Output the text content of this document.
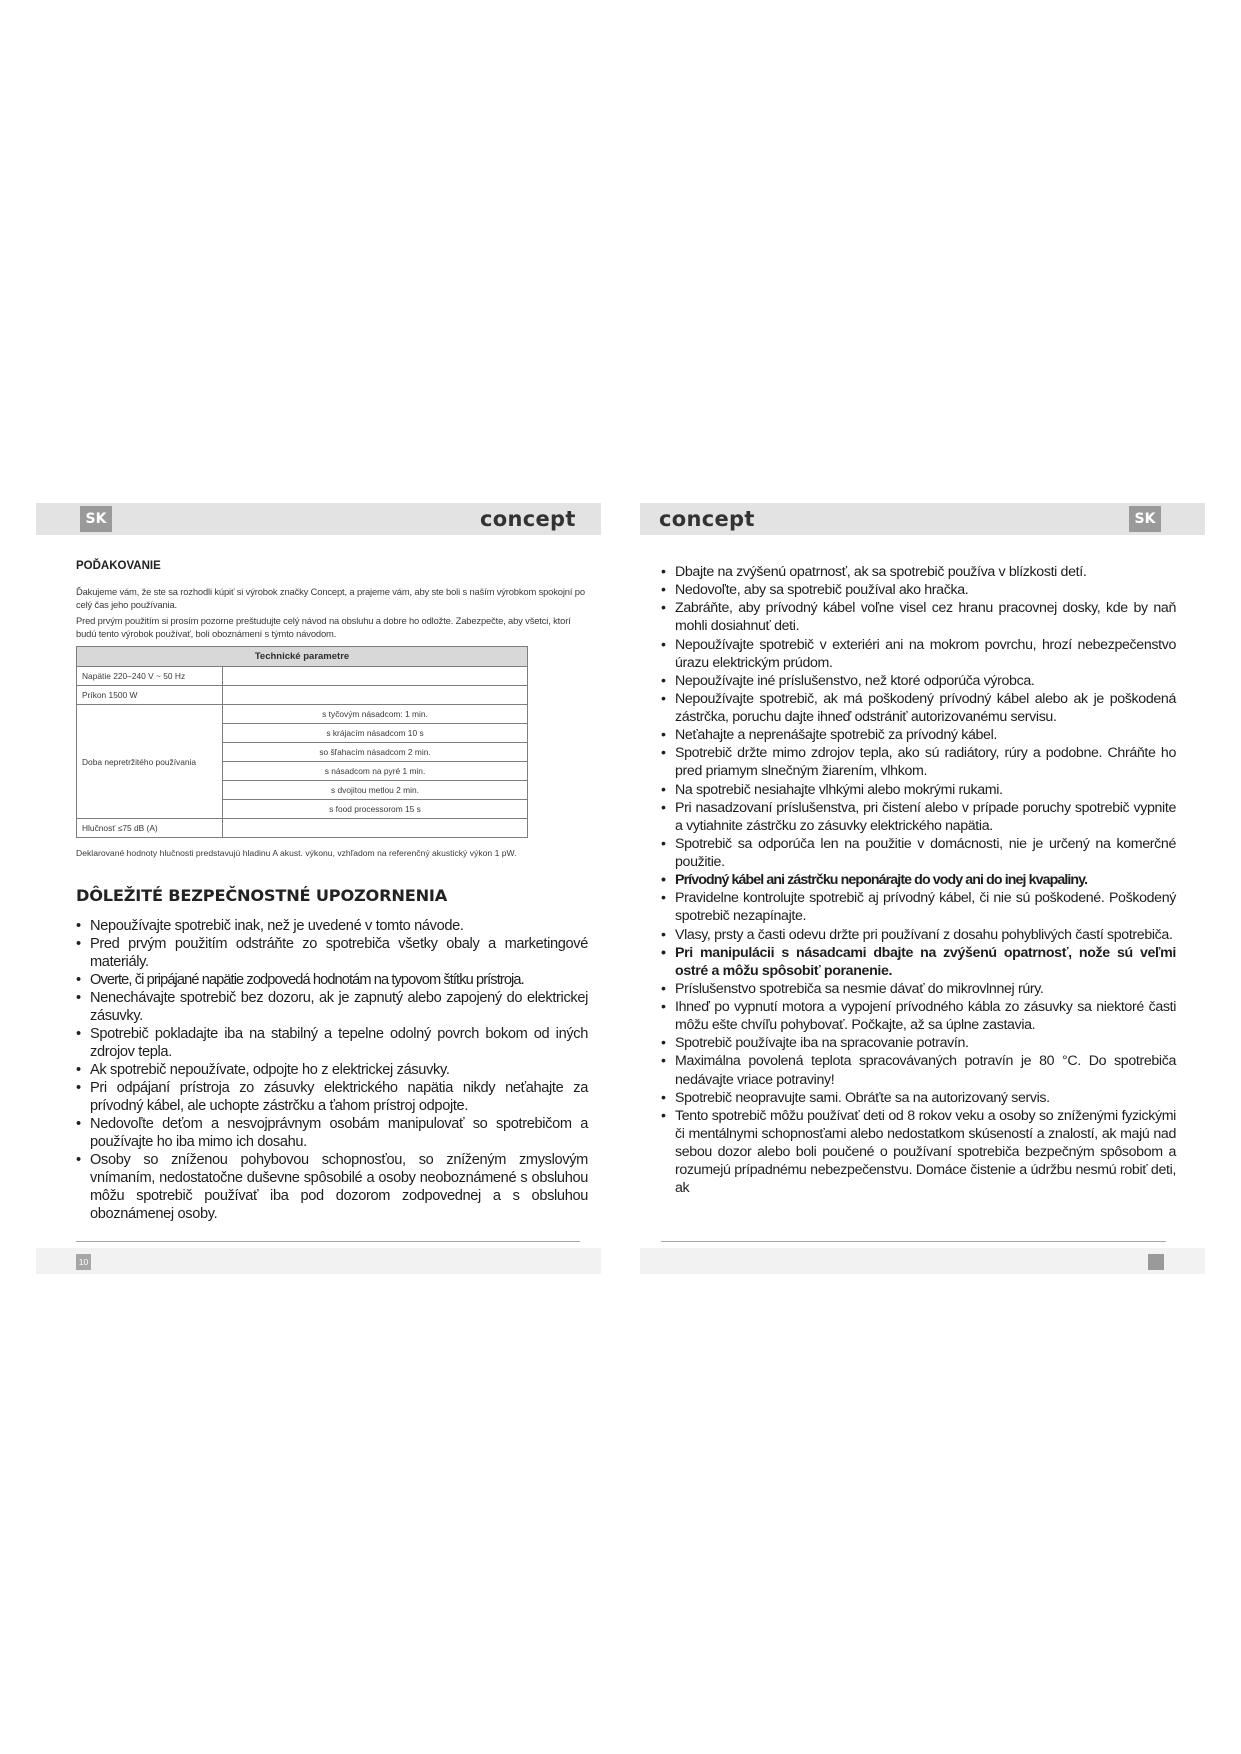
SK	SK
concept	concept
POĎAKOVANIE

Ďakujeme vám, že ste sa rozhodli kúpiť si výrobok značky Concept, a prajeme vám, aby ste boli s naším výrobkom spokojní po celý čas jeho používania.

Pred prvým použitím si prosím pozorne preštudujte celý návod na obsluhu a dobre ho odložte. Zabezpečte, aby všetci, ktorí budú tento výrobok používať, boli oboznámení s týmto návodom.

Technické parametre	
Napätie 220–240 V ~ 50 Hz	
Príkon 1500 W	
Doba nepretržitého používania	s tyčovým násadcom: 1 min.
	s krájacím násadcom 10 s
	so šľahacím násadcom 2 min.
	s násadcom na pyré 1 min.
	s dvojitou metlou 2 min.
	s food processorom 15 s
Hlučnosť ≤75 dB (A)	
Deklarované hodnoty hlučnosti predstavujú hladinu A akust. výkonu, vzhľadom na referenčný akustický výkon 1 pW.
DÔLEŽITÉ BEZPEČNOSTNÉ UPOZORNENIA
• Nepoužívajte spotrebič inak, než je uvedené v tomto návode.
• Pred prvým použitím odstráňte zo spotrebiča všetky obaly a marketingové materiály.
• Overte, či pripájané napätie zodpovedá hodnotám na typovom štítku prístroja.
• Nenechávajte spotrebič bez dozoru, ak je zapnutý alebo zapojený do elektrickej zásuvky.
• Spotrebič pokladajte iba na stabilný a tepelne odolný povrch bokom od iných zdrojov tepla.
• Ak spotrebič nepoužívate, odpojte ho z elektrickej zásuvky.
• Pri odpájaní prístroja zo zásuvky elektrického napätia nikdy neťahajte za prívodný kábel, ale uchopte zástrčku a ťahom prístroj odpojte.
• Nedovoľte deťom a nesvojprávnym osobám manipulovať so spotrebičom a používajte ho iba mimo ich dosahu.
• Osoby so zníženou pohybovou schopnosťou, so zníženým zmyslovým vnímaním, nedostatočne duševne spôsobilé a osoby neoboznámené s obsluhou môžu spotrebič používať iba pod dozorom zodpovednej a s obsluhou oboznámenej osoby.
• Dbajte na zvýšenú opatrnosť, ak sa spotrebič používa v blízkosti detí.
• Nedovoľte, aby sa spotrebič používal ako hračka.
• Zabráňte, aby prívodný kábel voľne visel cez hranu pracovnej dosky, kde by naň mohli dosiahnuť deti.
• Nepoužívajte spotrebič v exteriéri ani na mokrom povrchu, hrozí nebezpečenstvo úrazu elektrickým prúdom.
• Nepoužívajte iné príslušenstvo, než ktoré odporúča výrobca.
• Nepoužívajte spotrebič, ak má poškodený prívodný kábel alebo ak je poškodená zástrčka, poruchu dajte ihneď odstrániť autorizovanému servisu.
• Neťahajte a neprenášajte spotrebič za prívodný kábel.
• Spotrebič držte mimo zdrojov tepla, ako sú radiátory, rúry a podobne. Chráňte ho pred priamym slnečným žiarením, vlhkom.
• Na spotrebič nesiahajte vlhkými alebo mokrými rukami.
• Pri nasadzovaní príslušenstva, pri čistení alebo v prípade poruchy spotrebič vypnite a vytiahnite zástrčku zo zásuvky elektrického napätia.
• Spotrebič sa odporúča len na použitie v domácnosti, nie je určený na komerčné použitie.
• Prívodný kábel ani zástrčku neponárajte do vody ani do inej kvapaliny.
• Pravidelne kontrolujte spotrebič aj prívodný kábel, či nie sú poškodené. Poškodený spotrebič nezapínajte.
• Vlasy, prsty a časti odevu držte pri používaní z dosahu pohyblivých častí spotrebiča.
• Pri manipulácii s násadcami dbajte na zvýšenú opatrnosť, nože sú veľmi ostré a môžu spôsobiť poranenie.
• Príslušenstvo spotrebiča sa nesmie dávať do mikrovlnnej rúry.
• Ihneď po vypnutí motora a vypojení prívodného kábla zo zásuvky sa niektoré časti môžu ešte chvíľu pohybovať. Počkajte, až sa úplne zastavia.
• Spotrebič používajte iba na spracovanie potravín.
• Maximálna povolená teplota spracovávaných potravín je 80 °C. Do spotrebiča nedávajte vriace potraviny!
• Spotrebič neopravujte sami. Obráťte sa na autorizovaný servis.
• Tento spotrebič môžu používať deti od 8 rokov veku a osoby so zníženými fyzickými či mentálnymi schopnosťami alebo nedostatkom skúseností a znalostí, ak majú nad sebou dozor alebo boli poučené o používaní spotrebiča bezpečným spôsobom a rozumejú prípadnému nebezpečenstvu. Domáce čistenie a údržbu nesmú robiť deti, ak
10
